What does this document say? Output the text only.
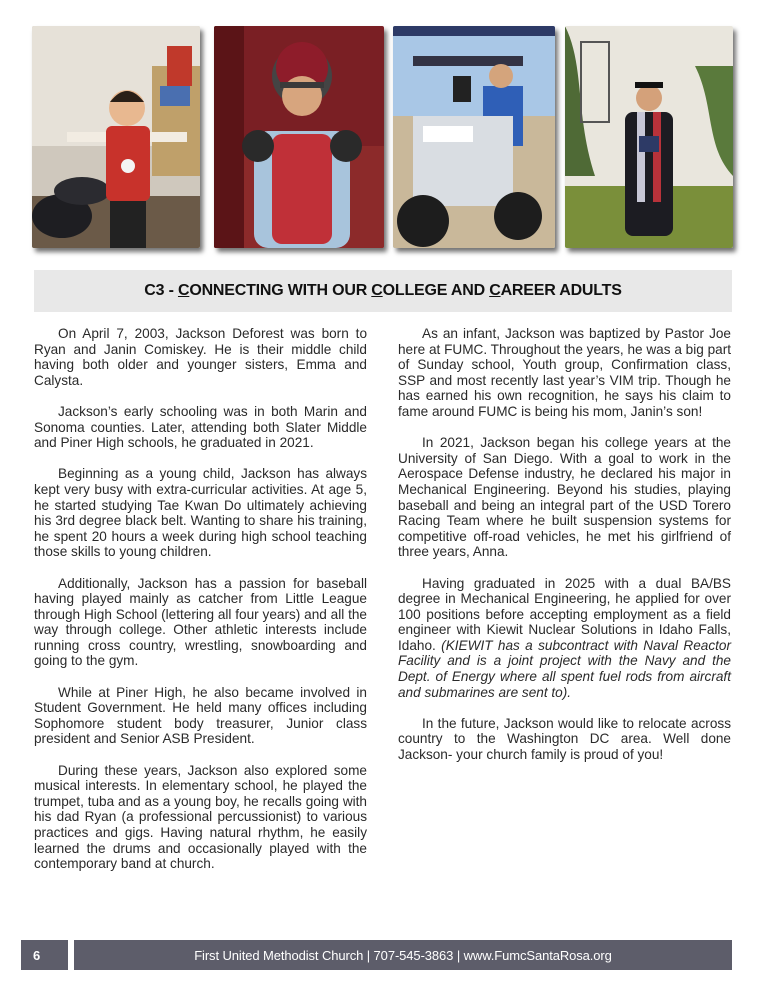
C3 -
C ONNECTING WITH OUR C OLLEGE AND C AREER ADULTS

On April 7, 2003, Jackson Deforest was born to Ryan and Janin Comiskey. He is their middle child having both older and younger sisters, Emma and Calysta.

Jackson’s early schooling was in both Marin and Sonoma counties. Later, attending both Slater Middle and Piner High schools, he graduated in 2021.

Beginning as a young child, Jackson has always kept very busy with extra-curricular activities. At age 5, he started studying Tae Kwan Do ultimately achieving his 3rd degree black belt. Wanting to share his training, he spent 20 hours a week during high school teaching those skills to young children.

Additionally, Jackson has a passion for baseball having played mainly as catcher from Little League through High School (lettering all four years) and all the way through college. Other athletic interests include running cross country, wrestling, snowboarding and going to the gym.

While at Piner High, he also became involved in Student Government. He held many offices including Sophomore student body treasurer, Junior class president and Senior ASB President.

During these years, Jackson also explored some musical interests. In elementary school, he played the trumpet, tuba and as a young boy, he recalls going with his dad Ryan (a professional percussionist) to various practices and gigs. Having natural rhythm, he easily learned the drums and occasionally played with the contemporary band at church.

As an infant, Jackson was baptized by Pastor Joe here at FUMC. Throughout the years, he was a big part of Sunday school, Youth group, Confirmation class, SSP and most recently last year’s VIM trip. Though he has earned his own recognition, he says his claim to fame around FUMC is being his mom, Janin’s son!

In 2021, Jackson began his college years at the University of San Diego. With a goal to work in the Aerospace Defense industry, he declared his major in Mechanical Engineering. Beyond his studies, playing baseball and being an integral part of the USD Torero Racing Team where he built suspension systems for competitive off-road vehicles, he met his girlfriend of three years, Anna.

Having graduated in 2025 with a dual BA/BS degree in Mechanical Engineering, he applied for over 100 positions before accepting employment as a field engineer with Kiewit Nuclear Solutions in Idaho Falls, Idaho. (KIEWIT has a subcontract with Naval Reactor Facility and is a joint project with the Navy and the Dept. of Energy where all spent fuel rods from aircraft and submarines are sent to).

In the future, Jackson would like to relocate across country to the Washington DC area. Well done Jackson- your church family is proud of you!

6	First United Methodist Church | 707-545-3863 | www.FumcSantaRosa.org
